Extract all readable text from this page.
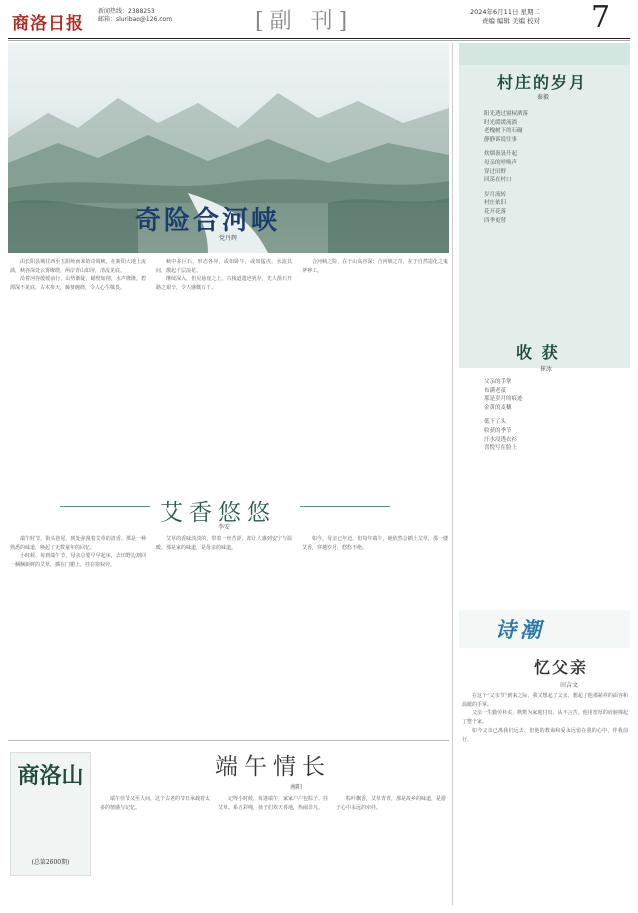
商洛日报
新闻热线：2388253
邮箱：sluribao@126.com	[副 刊]	2024年6月11日 星期二
责编 编辑 美编 校对 7
奇险合河峡
党丹辉

由长阳县城往西至五阳岭而来的奇境峡，在新阳大地上流淌，峡谷深处云雾缭绕，两岸青山如屏，清流见底。

沿着河谷缓缓前行，山势渐陡，峭壁如削，水声隆隆，碧潭深不见底，古木参天，藤萝缠绕，令人心生敬畏。

峡中多巨石，形态各异，或如卧牛，或如猛虎，水流其间，激起千层浪花。

继续深入，但见悬崖之上，古栈道遗迹犹存，先人凿石开路之艰辛，令人感慨万千。

合河峡之险，在于山高谷深；合河峡之奇，在于自然造化之鬼斧神工。

艾香悠悠
李安

端午时节，街头巷尾，到处弥漫着艾草的清香。那是一种熟悉的味道，唤起了无数童年的回忆。

小时候，每到端午节，母亲总要早早起床，去田野边割回一捆捆新鲜的艾草，插在门楣上，挂在窗棂旁。

艾草的香味淡淡的，带着一丝苦涩，却让人感到安宁与温暖。那是家的味道，是母亲的味道。

如今，母亲已年迈，但每年端午，她依然会插上艾草，那一缕艾香，穿越岁月，悠悠不绝。

商洛山
(总第2600期)
端午情长
南阳

端午佳节又至人间，这个古老的节日承载着太多的情感与记忆。

记得小时候，每逢端午，家家户户包粽子、挂艾草、系五彩绳，孩子们欢天喜地，热闹非凡。

粽叶飘香，艾草青青，那是故乡的味道，是游子心中永远的牵挂。

村庄的岁月
秦毅
阳光透过窗棂洒落
时光缓缓流淌
老槐树下的石碾
静静诉说往事
炊烟袅袅升起
母亲的呼唤声
穿过田野
回荡在村口
岁月流转
村庄依旧
花开花落
四季更替
收 获
崔冰
父亲的手掌
布满老茧
那是岁月的痕迹
金黄的麦穗
低下了头
收获的季节
汗水浸透衣衫
喜悦写在脸上
诗潮
忆父亲
田吉文

在这个“父亲节”到来之际，我又想起了父亲，想起了他那慈祥的面容和温暖的手掌。

父亲一生勤劳朴实，默默为家庭付出，从不言苦。他用宽厚的肩膀撑起了整个家。

如今父亲已离我们远去，但他的教诲和爱永远留在我的心中，伴我前行。
